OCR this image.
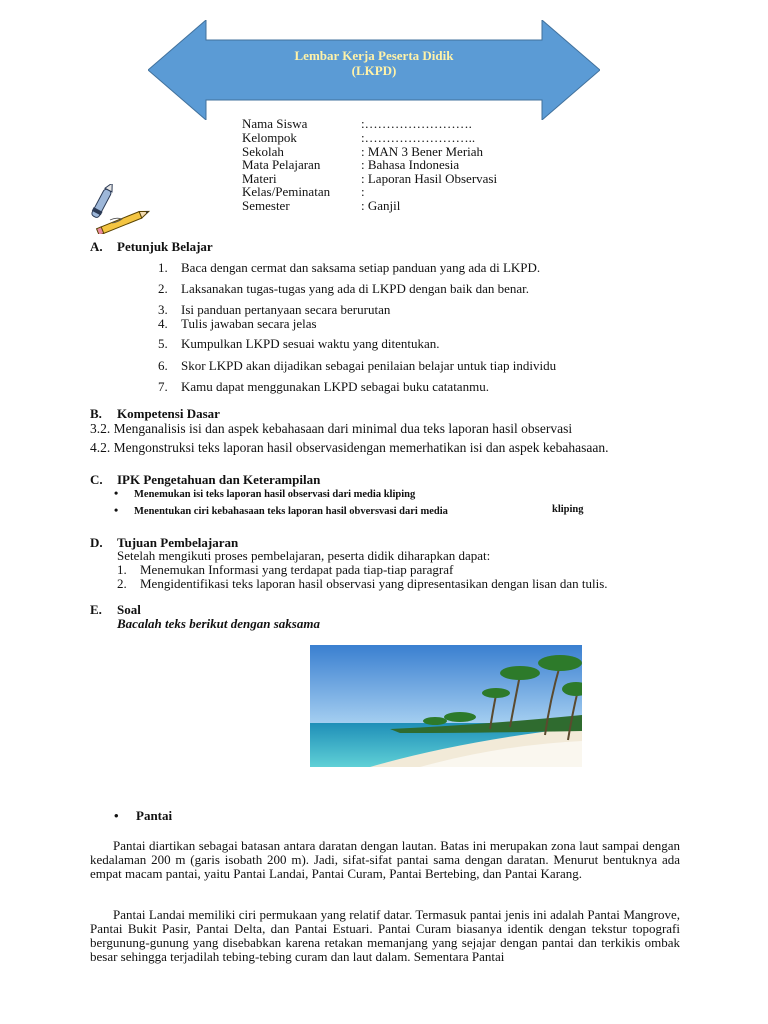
Lembar Kerja Peserta Didik
(LKPD)
Nama Siswa	:…………………….
Kelompok	:……………………..
Sekolah	: MAN 3 Bener Meriah
Mata Pelajaran	: Bahasa Indonesia
Materi	: Laporan Hasil Observasi
Kelas/Peminatan :
Semester	: Ganjil
A. Petunjuk Belajar
1. Baca dengan cermat dan saksama setiap panduan yang ada di LKPD.
2. Laksanakan tugas-tugas yang ada di LKPD dengan baik dan benar.
3. Isi panduan pertanyaan secara berurutan
4. Tulis jawaban secara jelas
5. Kumpulkan LKPD sesuai waktu yang ditentukan.
6. Skor LKPD akan dijadikan sebagai penilaian belajar untuk tiap individu
7. Kamu dapat menggunakan LKPD sebagai buku catatanmu.
B. Kompetensi Dasar
3.2. Menganalisis isi dan aspek kebahasaan dari minimal dua teks laporan hasil observasi
4.2. Mengonstruksi teks laporan hasil observasidengan memerhatikan isi dan aspek kebahasaan.
C. IPK Pengetahuan dan Keterampilan
• Menemukan isi teks laporan hasil observasi dari media kliping
• Menentukan ciri kebahasaan teks laporan hasil obversvasi dari media	kliping
D. Tujuan Pembelajaran
Setelah mengikuti proses pembelajaran, peserta didik diharapkan dapat:
1. Menemukan Informasi yang terdapat pada tiap-tiap paragraf
2. Mengidentifikasi teks laporan hasil observasi yang dipresentasikan dengan lisan dan tulis.
E. Soal
Bacalah teks berikut dengan saksama
• Pantai
Pantai diartikan sebagai batasan antara daratan dengan lautan. Batas ini merupakan zona laut sampai dengan kedalaman 200 m (garis isobath 200 m). Jadi, sifat-sifat pantai sama dengan daratan. Menurut bentuknya ada empat macam pantai, yaitu Pantai Landai, Pantai Curam, Pantai Bertebing, dan Pantai Karang.
Pantai Landai memiliki ciri permukaan yang relatif datar. Termasuk pantai jenis ini adalah Pantai Mangrove, Pantai Bukit Pasir, Pantai Delta, dan Pantai Estuari. Pantai Curam biasanya identik dengan tekstur topografi bergunung-gunung yang disebabkan karena retakan memanjang yang sejajar dengan pantai dan terkikis ombak besar sehingga terjadilah tebing-tebing curam dan laut dalam. Sementara Pantai
